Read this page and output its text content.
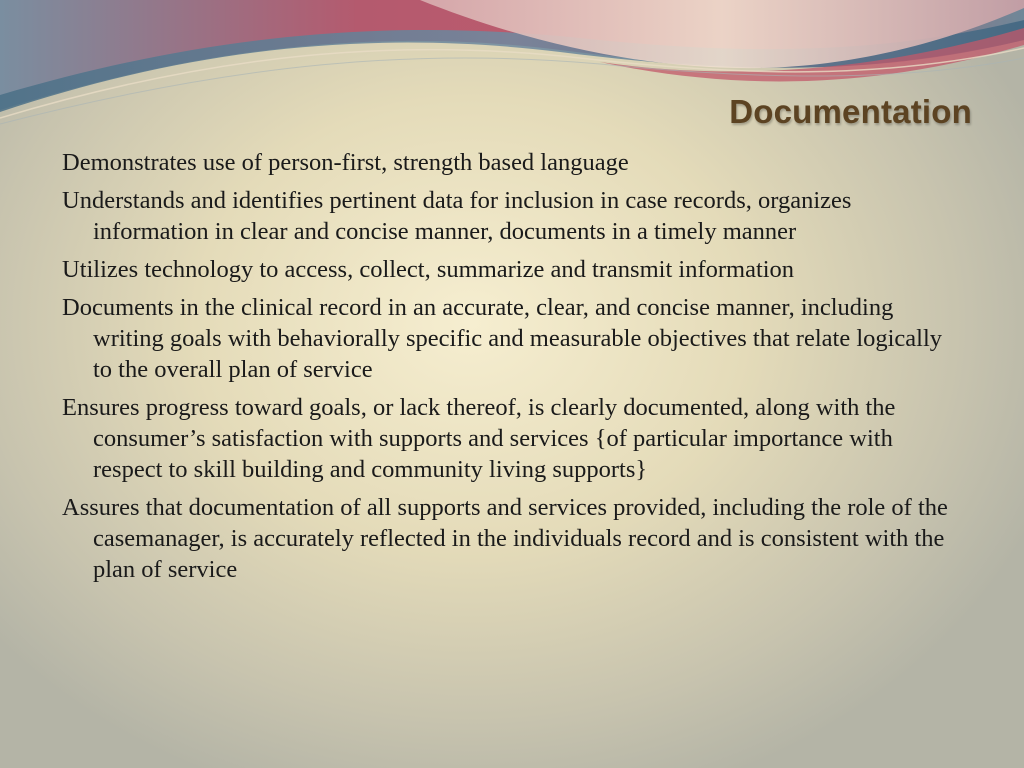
Documentation
Demonstrates use of person-first, strength based language
Understands and identifies pertinent data for inclusion in case records, organizes information in clear and concise manner, documents in a timely manner
Utilizes technology to access, collect, summarize and transmit information
Documents in the clinical record in an accurate, clear, and concise manner, including writing goals with behaviorally specific and measurable objectives that relate logically to the overall plan of service
Ensures progress toward goals, or lack thereof, is clearly documented, along with the consumer’s satisfaction with supports and services {of particular importance with respect to skill building and community living supports}
Assures that documentation of all supports and services provided, including the role of the casemanager, is accurately reflected in the individuals record and is consistent with the plan of service
